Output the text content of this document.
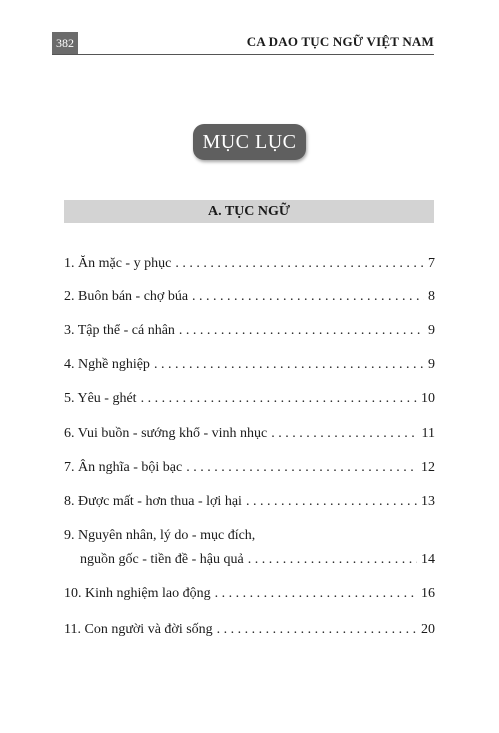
382	CA DAO TỤC NGỮ VIỆT NAM
MỤC LỤC
A. TỤC NGỮ
1. Ăn mặc - y phục . . .	7
2. Buôn bán - chợ búa . . .	8
3. Tập thể - cá nhân . . .	9
4. Nghề nghiệp . . .	9
5. Yêu - ghét . . .	10
6. Vui buồn - sướng khổ - vinh nhục . . .	11
7. Ân nghĩa - bội bạc . . .	12
8. Được mất - hơn thua - lợi hại . . .	13
9. Nguyên nhân, lý do - mục đích,
nguồn gốc - tiền đề - hậu quả . . .	14
10. Kinh nghiệm lao động . . .	16
11. Con người và đời sống . . .	20
